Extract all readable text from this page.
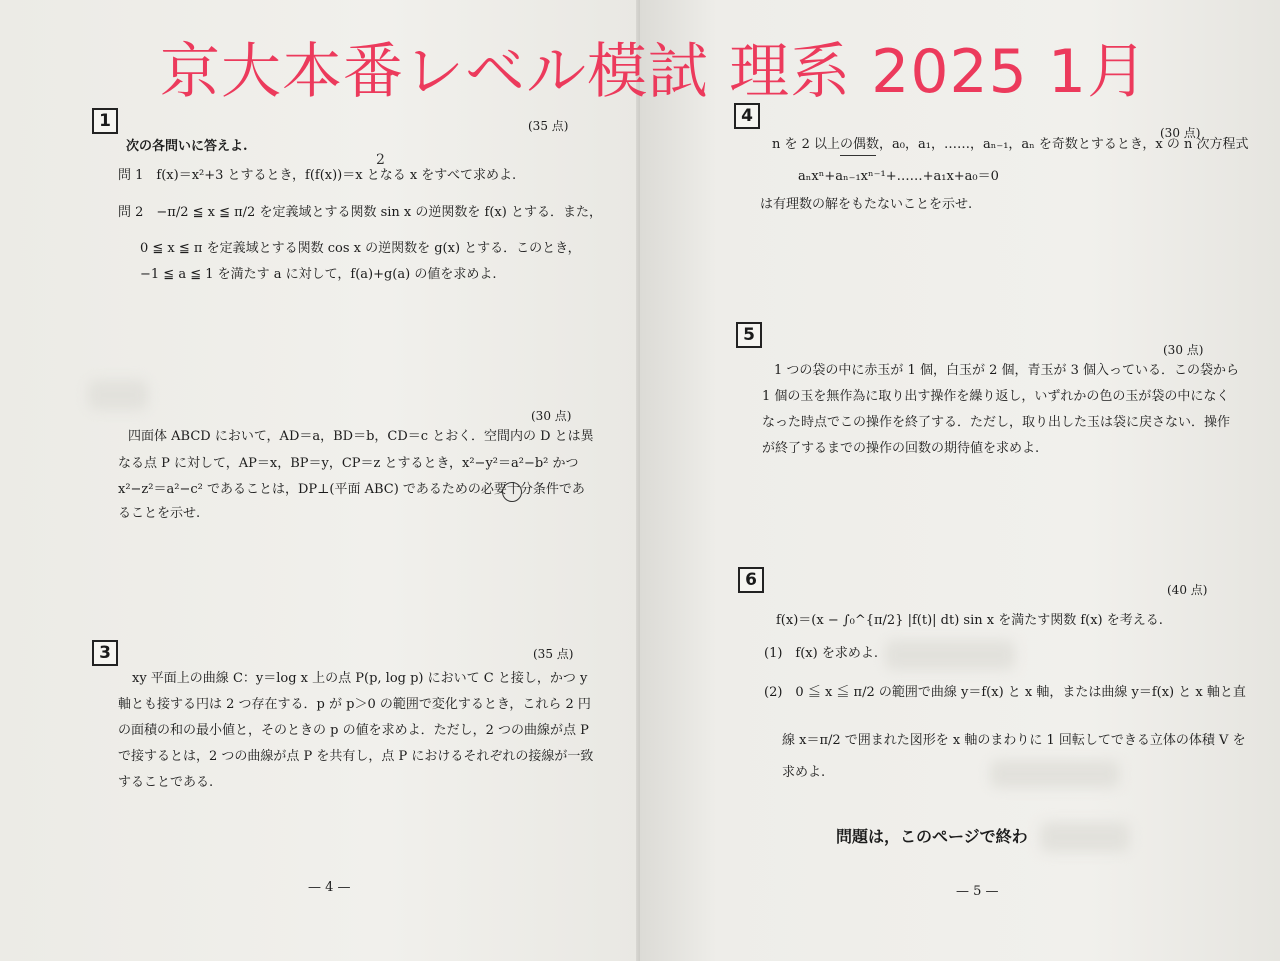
1	(35 点)
次の各問いに答えよ.
2
問 1　f(x)＝x²+3 とするとき，f(f(x))＝x となる x をすべて求めよ.
問 2　−π/2 ≦ x ≦ π/2 を定義域とする関数 sin x の逆関数を f(x) とする．また，
0 ≦ x ≦ π を定義域とする関数 cos x の逆関数を g(x) とする．このとき，
−1 ≦ a ≦ 1 を満たす a に対して，f(a)+g(a) の値を求めよ.
(30 点)
四面体 ABCD において，AD＝a，BD＝b，CD＝c とおく．空間内の D とは異
なる点 P に対して，AP＝x，BP＝y，CP＝z とするとき，x²−y²＝a²−b² かつ
x²−z²＝a²−c² であることは，DP⊥(平面 ABC) であるための必要十分条件であ
ることを示せ.
3	(35 点)
xy 平面上の曲線 C：y＝log x 上の点 P(p, log p) において C と接し，かつ y
軸とも接する円は 2 つ存在する．p が p＞0 の範囲で変化するとき，これら 2 円
の面積の和の最小値と，そのときの p の値を求めよ．ただし，2 つの曲線が点 P
で接するとは，2 つの曲線が点 P を共有し，点 P におけるそれぞれの接線が一致
することである.
— 4 —
4
(30 点)
n を 2 以上の偶数，a₀，a₁，……，aₙ₋₁，aₙ を奇数とするとき，x の n 次方程式
aₙxⁿ+aₙ₋₁xⁿ⁻¹+……+a₁x+a₀＝0
は有理数の解をもたないことを示せ.
5
(30 点)
1 つの袋の中に赤玉が 1 個，白玉が 2 個，青玉が 3 個入っている．この袋から
1 個の玉を無作為に取り出す操作を繰り返し，いずれかの色の玉が袋の中になく
なった時点でこの操作を終了する．ただし，取り出した玉は袋に戻さない．操作
が終了するまでの操作の回数の期待値を求めよ.
6	(40 点)
f(x)＝(x − ∫₀^{π/2} |f(t)| dt) sin x を満たす関数 f(x) を考える.
(1)　f(x) を求めよ.
(2)　0 ≦ x ≦ π/2 の範囲で曲線 y＝f(x) と x 軸，または曲線 y＝f(x) と x 軸と直
線 x＝π/2 で囲まれた図形を x 軸のまわりに 1 回転してできる立体の体積 V を
求めよ.
問題は，このページで終わ
— 5 —
京大本番レベル模試 理系 2025 1月
